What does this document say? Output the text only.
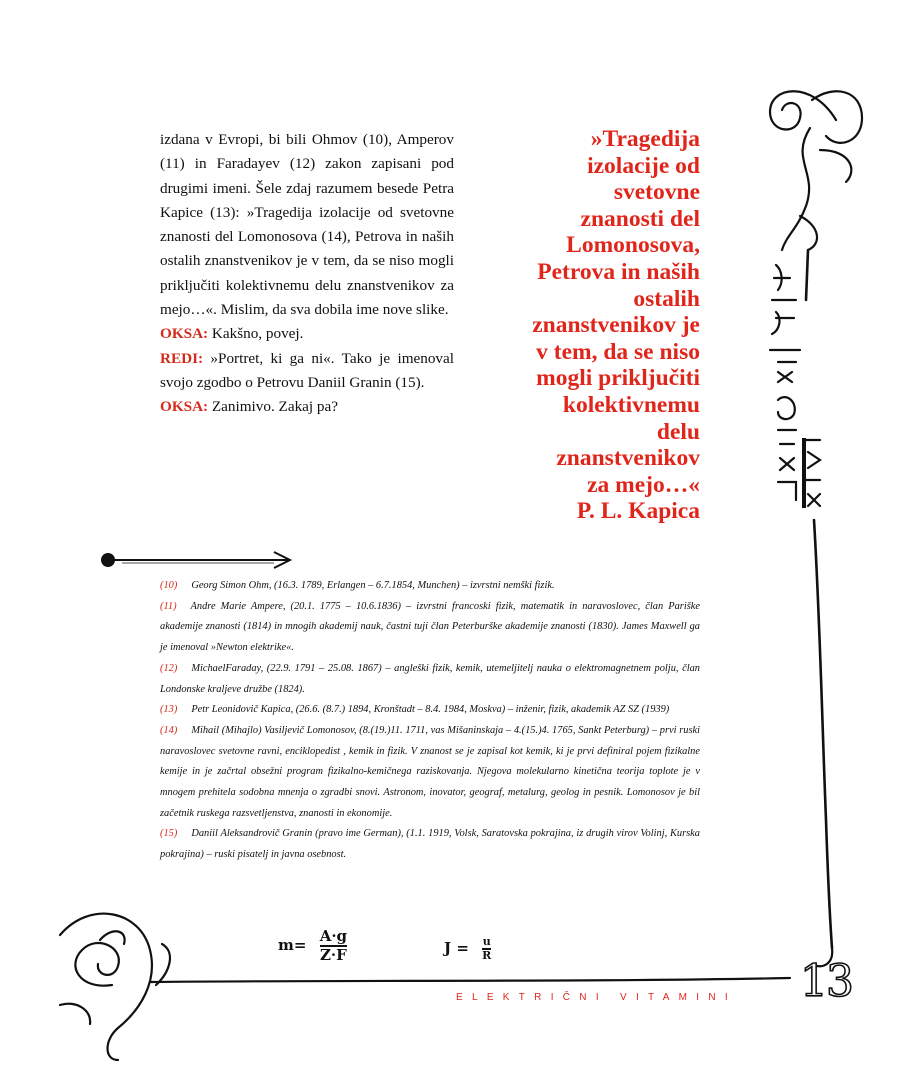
izdana v Evropi, bi bili Ohmov (10), Amperov (11) in Faradayev (12) zakon zapisani pod drugimi imeni. Šele zdaj razumem besede Petra Kapice (13): »Tragedija izolacije od svetovne znanosti del Lomonosova (14), Petrova in naših ostalih znanstvenikov je v tem, da se niso mogli priključiti kolektivnemu delu znanstvenikov za mejo…«. Mislim, da sva dobila ime nove slike.

OKSA: Kakšno, povej.

REDI: »Portret, ki ga ni«. Tako je imenoval svojo zgodbo o Petrovu Daniil Granin (15).

OKSA: Zanimivo. Zakaj pa?

»Tragedija
izolacije od
svetovne
znanosti del
Lomonosova,
Petrova in naših
ostalih
znanstvenikov je
v tem, da se niso
mogli priključiti
kolektivnemu
delu
znanstvenikov
za mejo…«
P. L. Kapica

(10) Georg Simon Ohm, (16.3. 1789, Erlangen – 6.7.1854, Munchen) – izvrstni nemški fizik.

(11) Andre Marie Ampere, (20.1. 1775 – 10.6.1836) – izvrstni francoski fizik, matematik in naravoslovec, član Pariške akademije znanosti (1814) in mnogih akademij nauk, častni tuji član Peterburške akademije znanosti (1830). James Maxwell ga je imenoval »Newton elektrike«.

(12) MichaelFaraday, (22.9. 1791 – 25.08. 1867) – angleški fizik, kemik, utemeljitelj nauka o elektromagnetnem polju, član Londonske kraljeve družbe (1824).

(13) Petr Leonidovič Kapica, (26.6. (8.7.) 1894, Kronštadt – 8.4. 1984, Moskva) – inženir, fizik, akademik AZ SZ (1939)

(14) Mihail (Mihajlo) Vasiljevič Lomonosov, (8.(19.)11. 1711, vas Mišaninskaja – 4.(15.)4. 1765, Sankt Peterburg) – prvi ruski naravoslovec svetovne ravni, enciklopedist , kemik in fizik. V znanost se je zapisal kot kemik, ki je prvi definiral pojem fizikalne kemije in je začrtal obsežni program fizikalno-kemičnega raziskovanja. Njegova molekularno kinetična teorija toplote je v mnogem prehitela sodobna mnenja o zgradbi snovi. Astronom, inovator, geograf, metalurg, geolog in pesnik. Lomonosov je bil začetnik ruskega razsvetljenstva, znanosti in ekonomije.

(15) Daniil Aleksandrovič Granin (pravo ime German), (1.1. 1919, Volsk, Saratovska pokrajina, iz drugih virov Volinj, Kurska pokrajina) – ruski pisatelj in javna osebnost.

$m= \frac{A\cdot g}{Z\cdot F}$	$J = \frac{u}{R}$
ELEKTRIČNI VITAMINI	13
